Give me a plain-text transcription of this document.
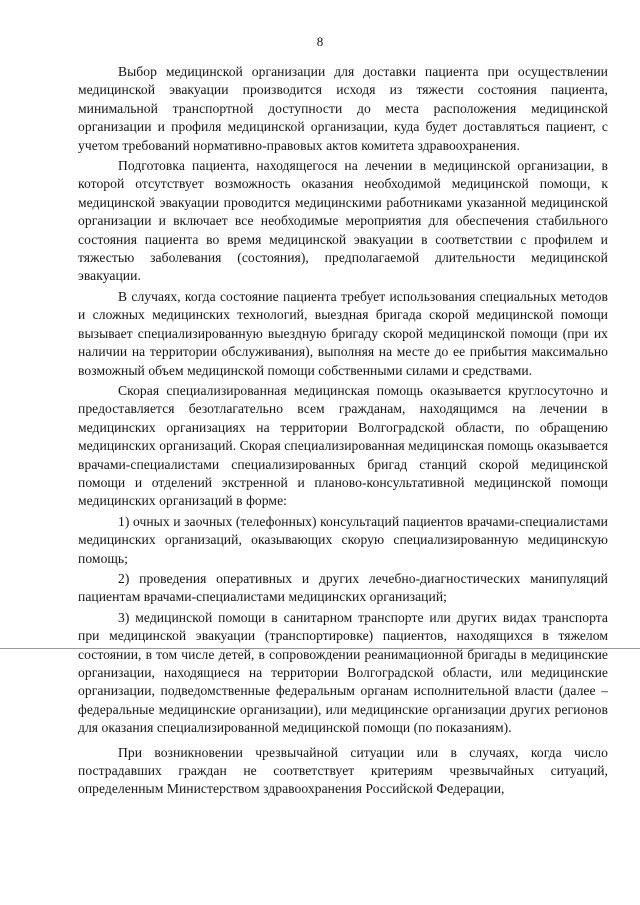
8

Выбор медицинской организации для доставки пациента при осуществлении медицинской эвакуации производится исходя из тяжести состояния пациента, минимальной транспортной доступности до места расположения медицинской организации и профиля медицинской организации, куда будет доставляться пациент, с учетом требований нормативно-правовых актов комитета здравоохранения.

Подготовка пациента, находящегося на лечении в медицинской организации, в которой отсутствует возможность оказания необходимой медицинской помощи, к медицинской эвакуации проводится медицинскими работниками указанной медицинской организации и включает все необходимые мероприятия для обеспечения стабильного состояния пациента во время медицинской эвакуации в соответствии с профилем и тяжестью заболевания (состояния), предполагаемой длительности медицинской эвакуации.

В случаях, когда состояние пациента требует использования специальных методов и сложных медицинских технологий, выездная бригада скорой медицинской помощи вызывает специализированную выездную бригаду скорой медицинской помощи (при их наличии на территории обслуживания), выполняя на месте до ее прибытия максимально возможный объем медицинской помощи собственными силами и средствами.

Скорая специализированная медицинская помощь оказывается круглосуточно и предоставляется безотлагательно всем гражданам, находящимся на лечении в медицинских организациях на территории Волгоградской области, по обращению медицинских организаций. Скорая специализированная медицинская помощь оказывается врачами-специалистами специализированных бригад станций скорой медицинской помощи и отделений экстренной и планово-консультативной медицинской помощи медицинских организаций в форме:

1) очных и заочных (телефонных) консультаций пациентов врачами-специалистами медицинских организаций, оказывающих скорую специализированную медицинскую помощь;

2) проведения оперативных и других лечебно-диагностических манипуляций пациентам врачами-специалистами медицинских организаций;

3) медицинской помощи в санитарном транспорте или других видах транспорта при медицинской эвакуации (транспортировке) пациентов, находящихся в тяжелом состоянии, в том числе детей, в сопровождении реанимационной бригады в медицинские организации, находящиеся на территории Волгоградской области, или медицинские организации, подведомственные федеральным органам исполнительной власти (далее – федеральные медицинские организации), или медицинские организации других регионов для оказания специализированной медицинской помощи (по показаниям).

При возникновении чрезвычайной ситуации или в случаях, когда число пострадавших граждан не соответствует критериям чрезвычайных ситуаций, определенным Министерством здравоохранения Российской Федерации,
